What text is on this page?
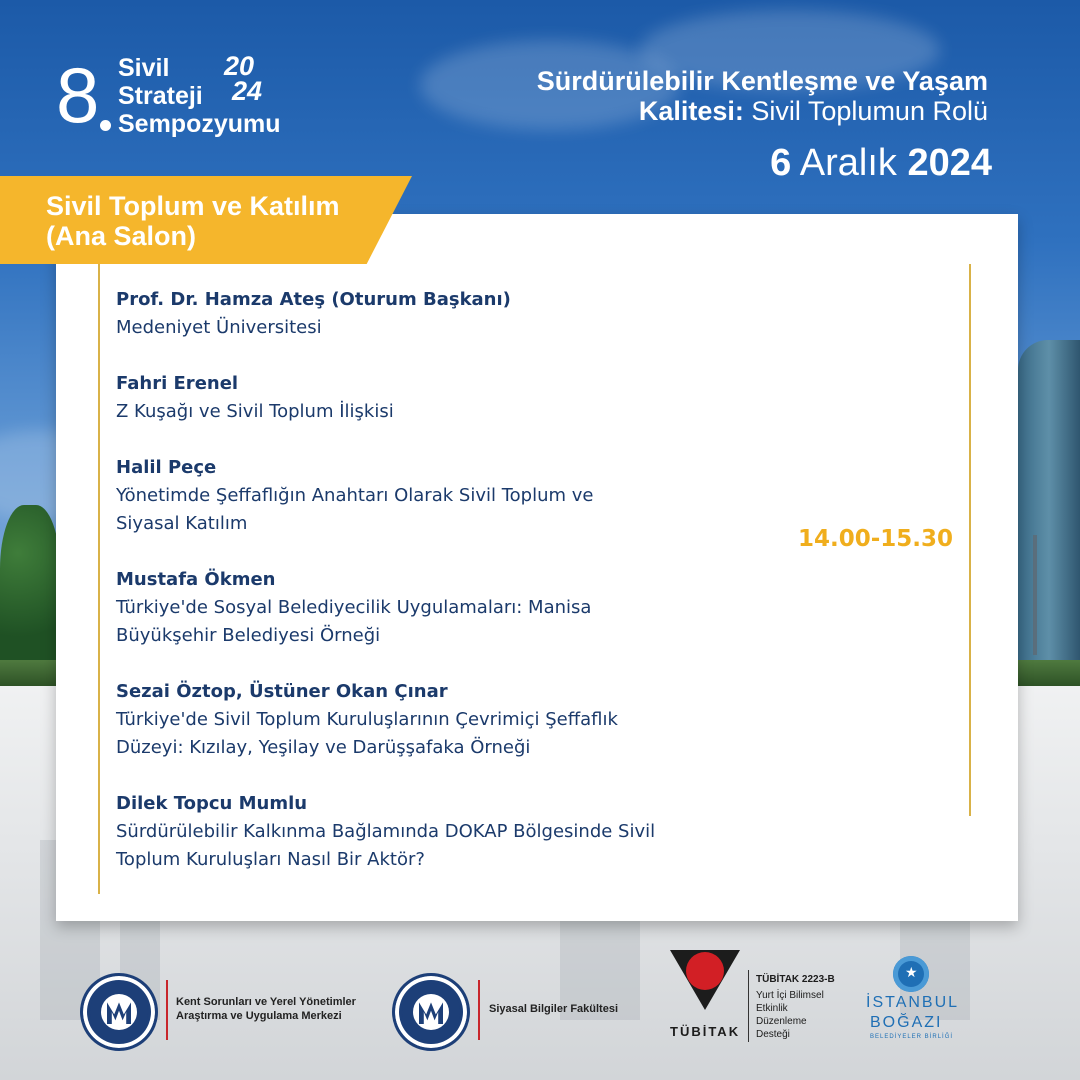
8 Sivil
Strateji
Sempozyumu
20
24	Sürdürülebilir Kentleşme ve Yaşam
Kalitesi: Sivil Toplumun Rolü
6 Aralık 2024
Sivil Toplum ve Katılım
(Ana Salon)
Prof. Dr. Hamza Ateş (Oturum Başkanı)
Medeniyet Üniversitesi
Fahri Erenel
Z Kuşağı ve Sivil Toplum İlişkisi
Halil Peçe
Yönetimde Şeffaflığın Anahtarı Olarak Sivil Toplum ve
Siyasal Katılım
Mustafa Ökmen
Türkiye'de Sosyal Belediyecilik Uygulamaları: Manisa
Büyükşehir Belediyesi Örneği
Sezai Öztop, Üstüner Okan Çınar
Türkiye'de Sivil Toplum Kuruluşlarının Çevrimiçi Şeffaflık
Düzeyi: Kızılay, Yeşilay ve Darüşşafaka Örneği
Dilek Topcu Mumlu
Sürdürülebilir Kalkınma Bağlamında DOKAP Bölgesinde Sivil
Toplum Kuruluşları Nasıl Bir Aktör?
14.00-15.30
Kent Sorunları ve Yerel Yönetimler
Araştırma ve Uygulama Merkezi
Siyasal Bilgiler Fakültesi
TÜBİTAK
TÜBİTAK 2223-B
Yurt İçi Bilimsel
Etkinlik
Düzenleme
Desteği
★
İSTANBUL
BOĞAZI
BELEDİYELER BİRLİĞİ
